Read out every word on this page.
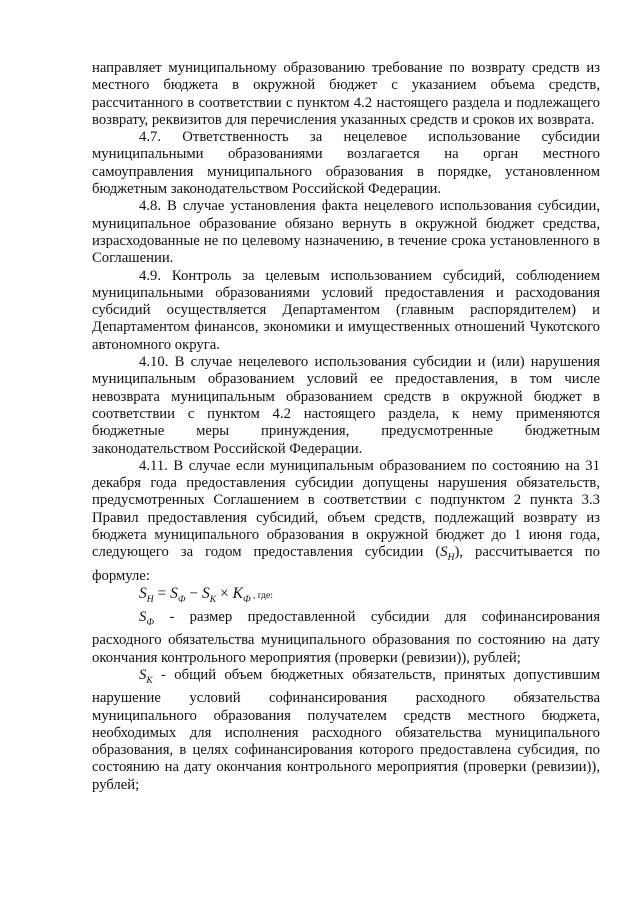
направляет муниципальному образованию требование по возврату средств из местного бюджета в окружной бюджет с указанием объема средств, рассчитанного в соответствии с пунктом 4.2 настоящего раздела и подлежащего возврату, реквизитов для перечисления указанных средств и сроков их возврата.

4.7. Ответственность за нецелевое использование субсидии муниципальными образованиями возлагается на орган местного самоуправления муниципального образования в порядке, установленном бюджетным законодательством Российской Федерации.

4.8. В случае установления факта нецелевого использования субсидии, муниципальное образование обязано вернуть в окружной бюджет средства, израсходованные не по целевому назначению, в течение срока установленного в Соглашении.

4.9. Контроль за целевым использованием субсидий, соблюдением муниципальными образованиями условий предоставления и расходования субсидий осуществляется Департаментом (главным распорядителем) и Департаментом финансов, экономики и имущественных отношений Чукотского автономного округа.

4.10. В случае нецелевого использования субсидии и (или) нарушения муниципальным образованием условий ее предоставления, в том числе невозврата муниципальным образованием средств в окружной бюджет в соответствии с пунктом 4.2 настоящего раздела, к нему применяются бюджетные меры принуждения, предусмотренные бюджетным законодательством Российской Федерации.

4.11. В случае если муниципальным образованием по состоянию на 31 декабря года предоставления субсидии допущены нарушения обязательств, предусмотренных Соглашением в соответствии с подпунктом 2 пункта 3.3 Правил предоставления субсидий, объем средств, подлежащий возврату из бюджета муниципального образования в окружной бюджет до 1 июня года, следующего за годом предоставления субсидии $(S_H)$, рассчитывается по формуле:

$S_H = S_Ф - S_K \times K_Ф$ , где:

$S_Ф$ - размер предоставленной субсидии для софинансирования расходного обязательства муниципального образования по состоянию на дату окончания контрольного мероприятия (проверки (ревизии)), рублей;

$S_K$ - общий объем бюджетных обязательств, принятых допустившим нарушение условий софинансирования расходного обязательства муниципального образования получателем средств местного бюджета, необходимых для исполнения расходного обязательства муниципального образования, в целях софинансирования которого предоставлена субсидия, по состоянию на дату окончания контрольного мероприятия (проверки (ревизии)), рублей;
